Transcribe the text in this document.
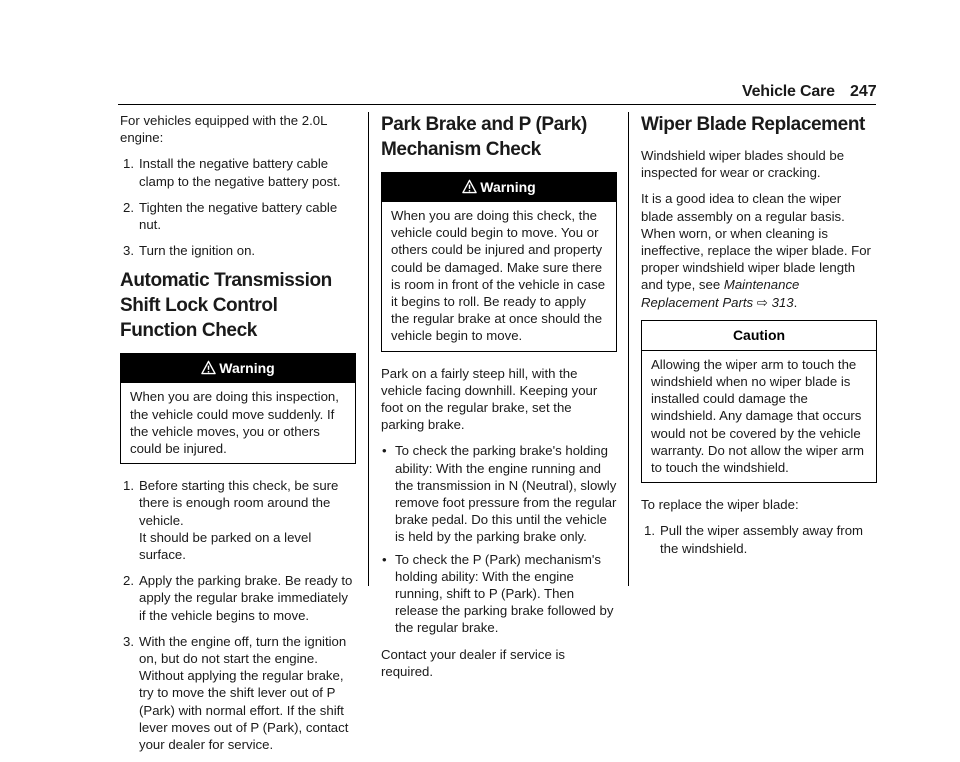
Vehicle Care 247

For vehicles equipped with the 2.0L engine:

1. Install the negative battery cable clamp to the negative battery post.
2. Tighten the negative battery cable nut.
3. Turn the ignition on.
Automatic Transmission Shift Lock Control Function Check
Warning
When you are doing this inspection, the vehicle could move suddenly. If the vehicle moves, you or others could be injured.
1. Before starting this check, be sure there is enough room around the vehicle.
It should be parked on a level surface.
2. Apply the parking brake. Be ready to apply the regular brake immediately if the vehicle begins to move.
3. With the engine off, turn the ignition on, but do not start the engine. Without applying the regular brake, try to move the shift lever out of P (Park) with normal effort. If the shift lever moves out of P (Park), contact your dealer for service.
Park Brake and P (Park) Mechanism Check
Warning
When you are doing this check, the vehicle could begin to move. You or others could be injured and property could be damaged. Make sure there is room in front of the vehicle in case it begins to roll. Be ready to apply the regular brake at once should the vehicle begin to move.

Park on a fairly steep hill, with the vehicle facing downhill. Keeping your foot on the regular brake, set the parking brake.

• To check the parking brake's holding ability: With the engine running and the transmission in N (Neutral), slowly remove foot pressure from the regular brake pedal. Do this until the vehicle is held by the parking brake only.
• To check the P (Park) mechanism's holding ability: With the engine running, shift to P (Park). Then release the parking brake followed by the regular brake.

Contact your dealer if service is required.

Wiper Blade Replacement

Windshield wiper blades should be inspected for wear or cracking.

It is a good idea to clean the wiper blade assembly on a regular basis. When worn, or when cleaning is ineffective, replace the wiper blade. For proper windshield wiper blade length and type, see Maintenance Replacement Parts ⇨ 313.

Caution
Allowing the wiper arm to touch the windshield when no wiper blade is installed could damage the windshield. Any damage that occurs would not be covered by the vehicle warranty. Do not allow the wiper arm to touch the windshield.

To replace the wiper blade:

1. Pull the wiper assembly away from the windshield.
